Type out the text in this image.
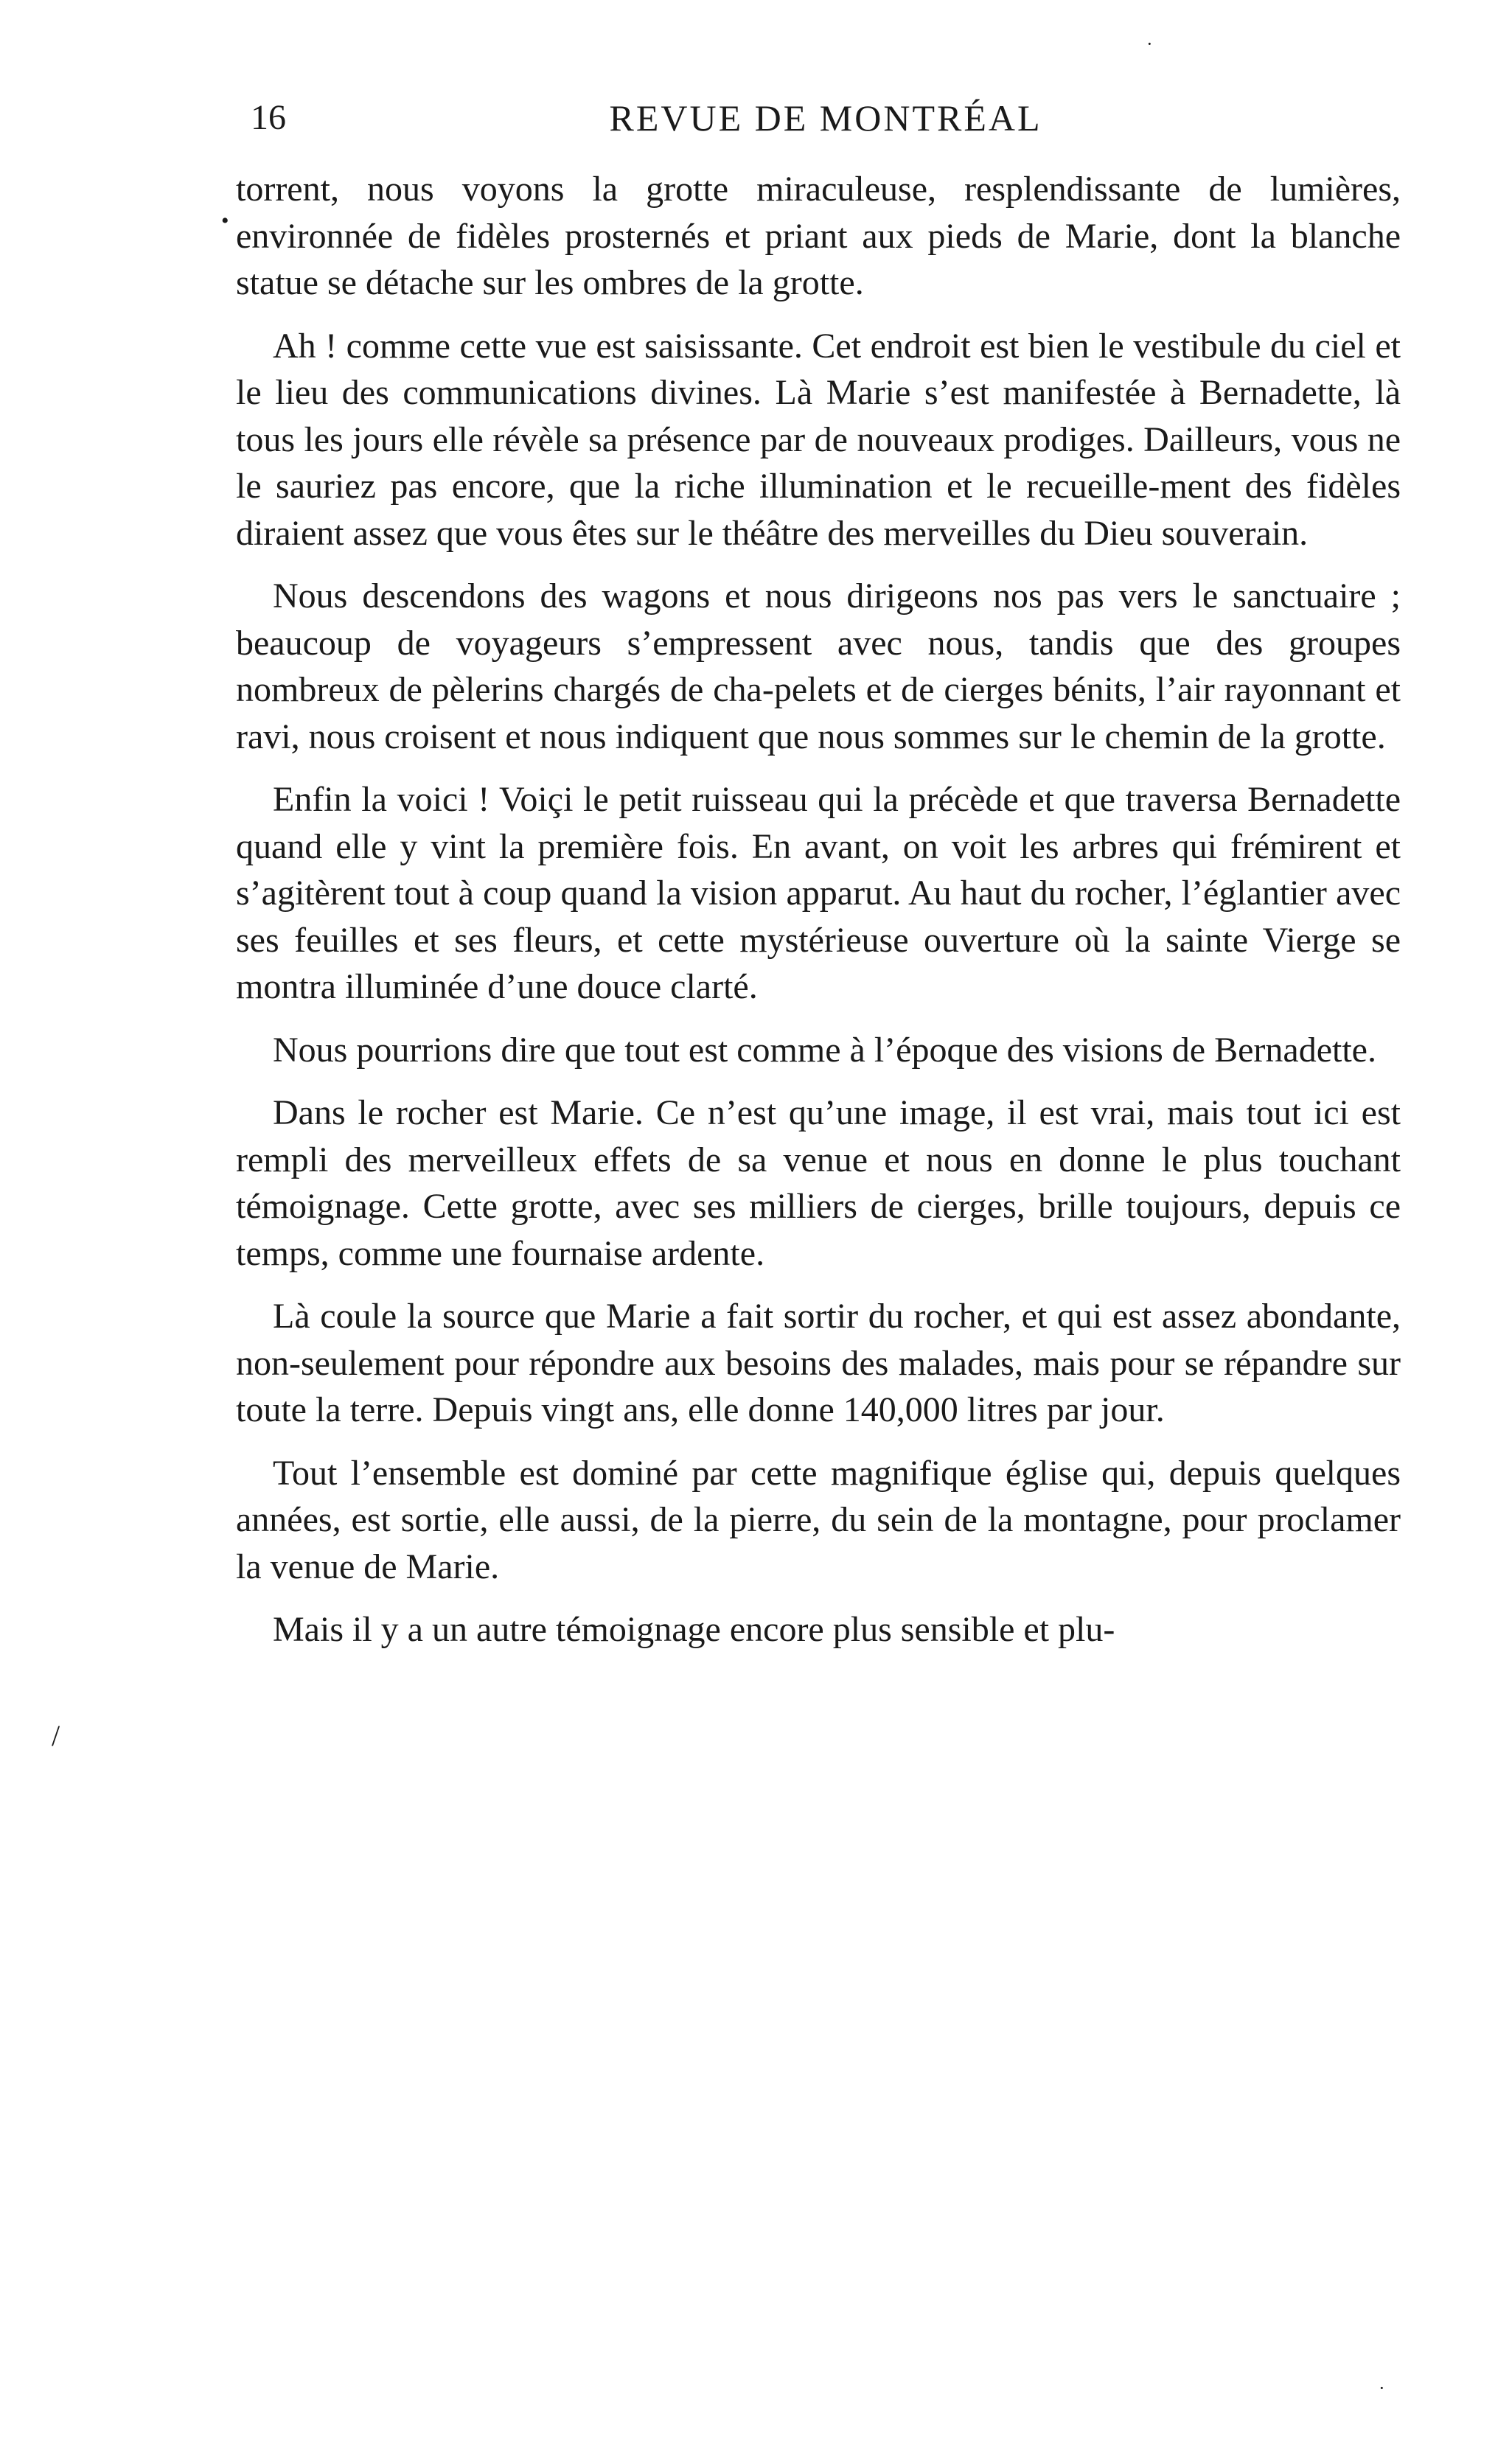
16	REVUE DE MONTRÉAL

torrent, nous voyons la grotte miraculeuse, resplendissante de lumières, environnée de fidèles prosternés et priant aux pieds de Marie, dont la blanche statue se détache sur les ombres de la grotte.

Ah ! comme cette vue est saisissante. Cet endroit est bien le vestibule du ciel et le lieu des communications divines. Là Marie s’est manifestée à Bernadette, là tous les jours elle révèle sa présence par de nouveaux prodiges. Dailleurs, vous ne le sauriez pas encore, que la riche illumination et le recueille-ment des fidèles diraient assez que vous êtes sur le théâtre des merveilles du Dieu souverain.

Nous descendons des wagons et nous dirigeons nos pas vers le sanctuaire ; beaucoup de voyageurs s’empressent avec nous, tandis que des groupes nombreux de pèlerins chargés de cha-pelets et de cierges bénits, l’air rayonnant et ravi, nous croisent et nous indiquent que nous sommes sur le chemin de la grotte.

Enfin la voici ! Voiçi le petit ruisseau qui la précède et que traversa Bernadette quand elle y vint la première fois. En avant, on voit les arbres qui frémirent et s’agitèrent tout à coup quand la vision apparut. Au haut du rocher, l’églantier avec ses feuilles et ses fleurs, et cette mystérieuse ouverture où la sainte Vierge se montra illuminée d’une douce clarté.

Nous pourrions dire que tout est comme à l’époque des visions de Bernadette.

Dans le rocher est Marie. Ce n’est qu’une image, il est vrai, mais tout ici est rempli des merveilleux effets de sa venue et nous en donne le plus touchant témoignage. Cette grotte, avec ses milliers de cierges, brille toujours, depuis ce temps, comme une fournaise ardente.

Là coule la source que Marie a fait sortir du rocher, et qui est assez abondante, non-seulement pour répondre aux besoins des malades, mais pour se répandre sur toute la terre. Depuis vingt ans, elle donne 140,000 litres par jour.

Tout l’ensemble est dominé par cette magnifique église qui, depuis quelques années, est sortie, elle aussi, de la pierre, du sein de la montagne, pour proclamer la venue de Marie.

Mais il y a un autre témoignage encore plus sensible et plu-

/
•
·
·
